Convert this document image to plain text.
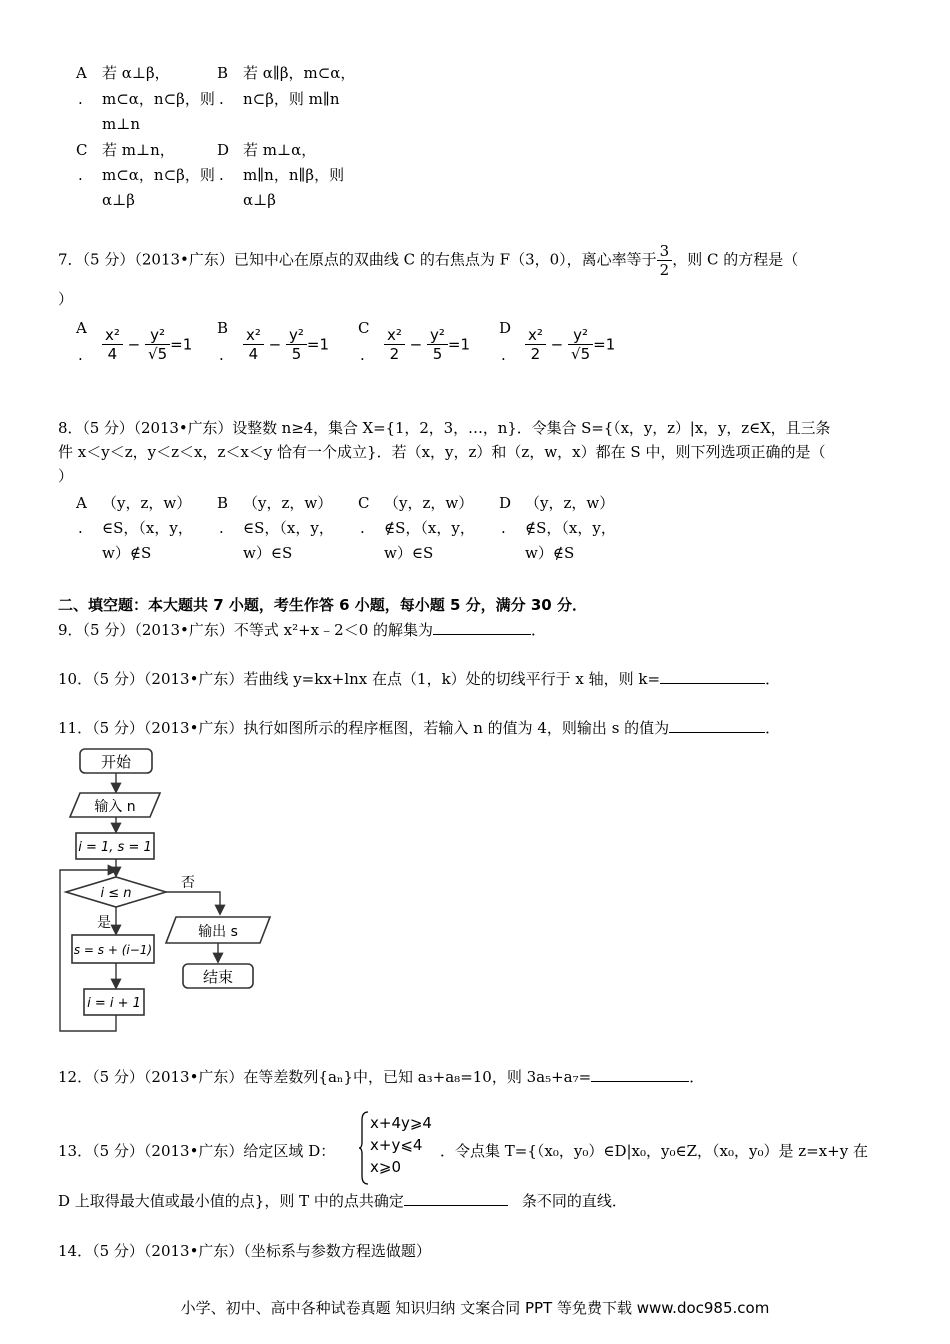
A 若 α⊥β，
. m⊂α，n⊂β，则
m⊥n
B 若 α∥β，m⊂α，
. n⊂β，则 m∥n
C 若 m⊥n，
. m⊂α，n⊂β，则
α⊥β
D 若 m⊥α，
. m∥n，n∥β，则
α⊥β
7．（5 分）（2013•广东）已知中心在原点的双曲线 C 的右焦点为 F（3，0），离心率等于 $\frac{3}{2}$ ，则 C 的方程是（
）
A
. $\frac{\text{x²}}{4} - \frac{\text{y²}}{√5} =1$
B
. $\frac{\text{x²}}{4} - \frac{\text{y²}}{5} =1$
C
. $\frac{\text{x²}}{2} - \frac{\text{y²}}{5} =1$
D
. $\frac{\text{x²}}{2} - \frac{\text{y²}}{√5} =1$
8．（5 分）（2013•广东）设整数 n≥4，集合 X={1，2，3，…，n}．令集合 S={（x，y，z）|x，y，z∈X，且三条
件 x＜y＜z，y＜z＜x，z＜x＜y 恰有一个成立}．若（x，y，z）和（z，w，x）都在 S 中，则下列选项正确的是（
）
A （y，z，w）
. ∈S，（x，y，
w）∉S
B （y，z，w）
. ∈S，（x，y，
w）∈S
C （y，z，w）
. ∉S，（x，y，
w）∈S
D （y，z，w）
. ∉S，（x，y，
w）∉S
二、填空题：本大题共 7 小题，考生作答 6 小题，每小题 5 分，满分 30 分．
9．（5 分）（2013•广东）不等式 x²+x﹣2＜0 的解集为	．
10．（5 分）（2013•广东）若曲线 y=kx+lnx 在点（1，k）处的切线平行于 x 轴，则 k=	．
11．（5 分）（2013•广东）执行如图所示的程序框图，若输入 n 的值为 4，则输出 s 的值为	．
开始
输入 n
i = 1, s = 1
i ≤ n
否
输出 s
结束
是
s = s + (i−1)
i = i + 1
12．（5 分）（2013•广东）在等差数列{aₙ}中，已知 a₃+a₈=10，则 3a₅+a₇=	．
13．（5 分）（2013•广东）给定区域 D：
x+4y⩾4
x+y⩽4
x⩾0
．令点集 T={（x₀，y₀）∈D|x₀，y₀∈Z，（x₀，y₀）是 z=x+y 在
D 上取得最大值或最小值的点}，则 T 中的点共确定	条不同的直线．
14．（5 分）（2013•广东）（坐标系与参数方程选做题）
小学、初中、高中各种试卷真题 知识归纳 文案合同 PPT 等免费下载 www.doc985.com
